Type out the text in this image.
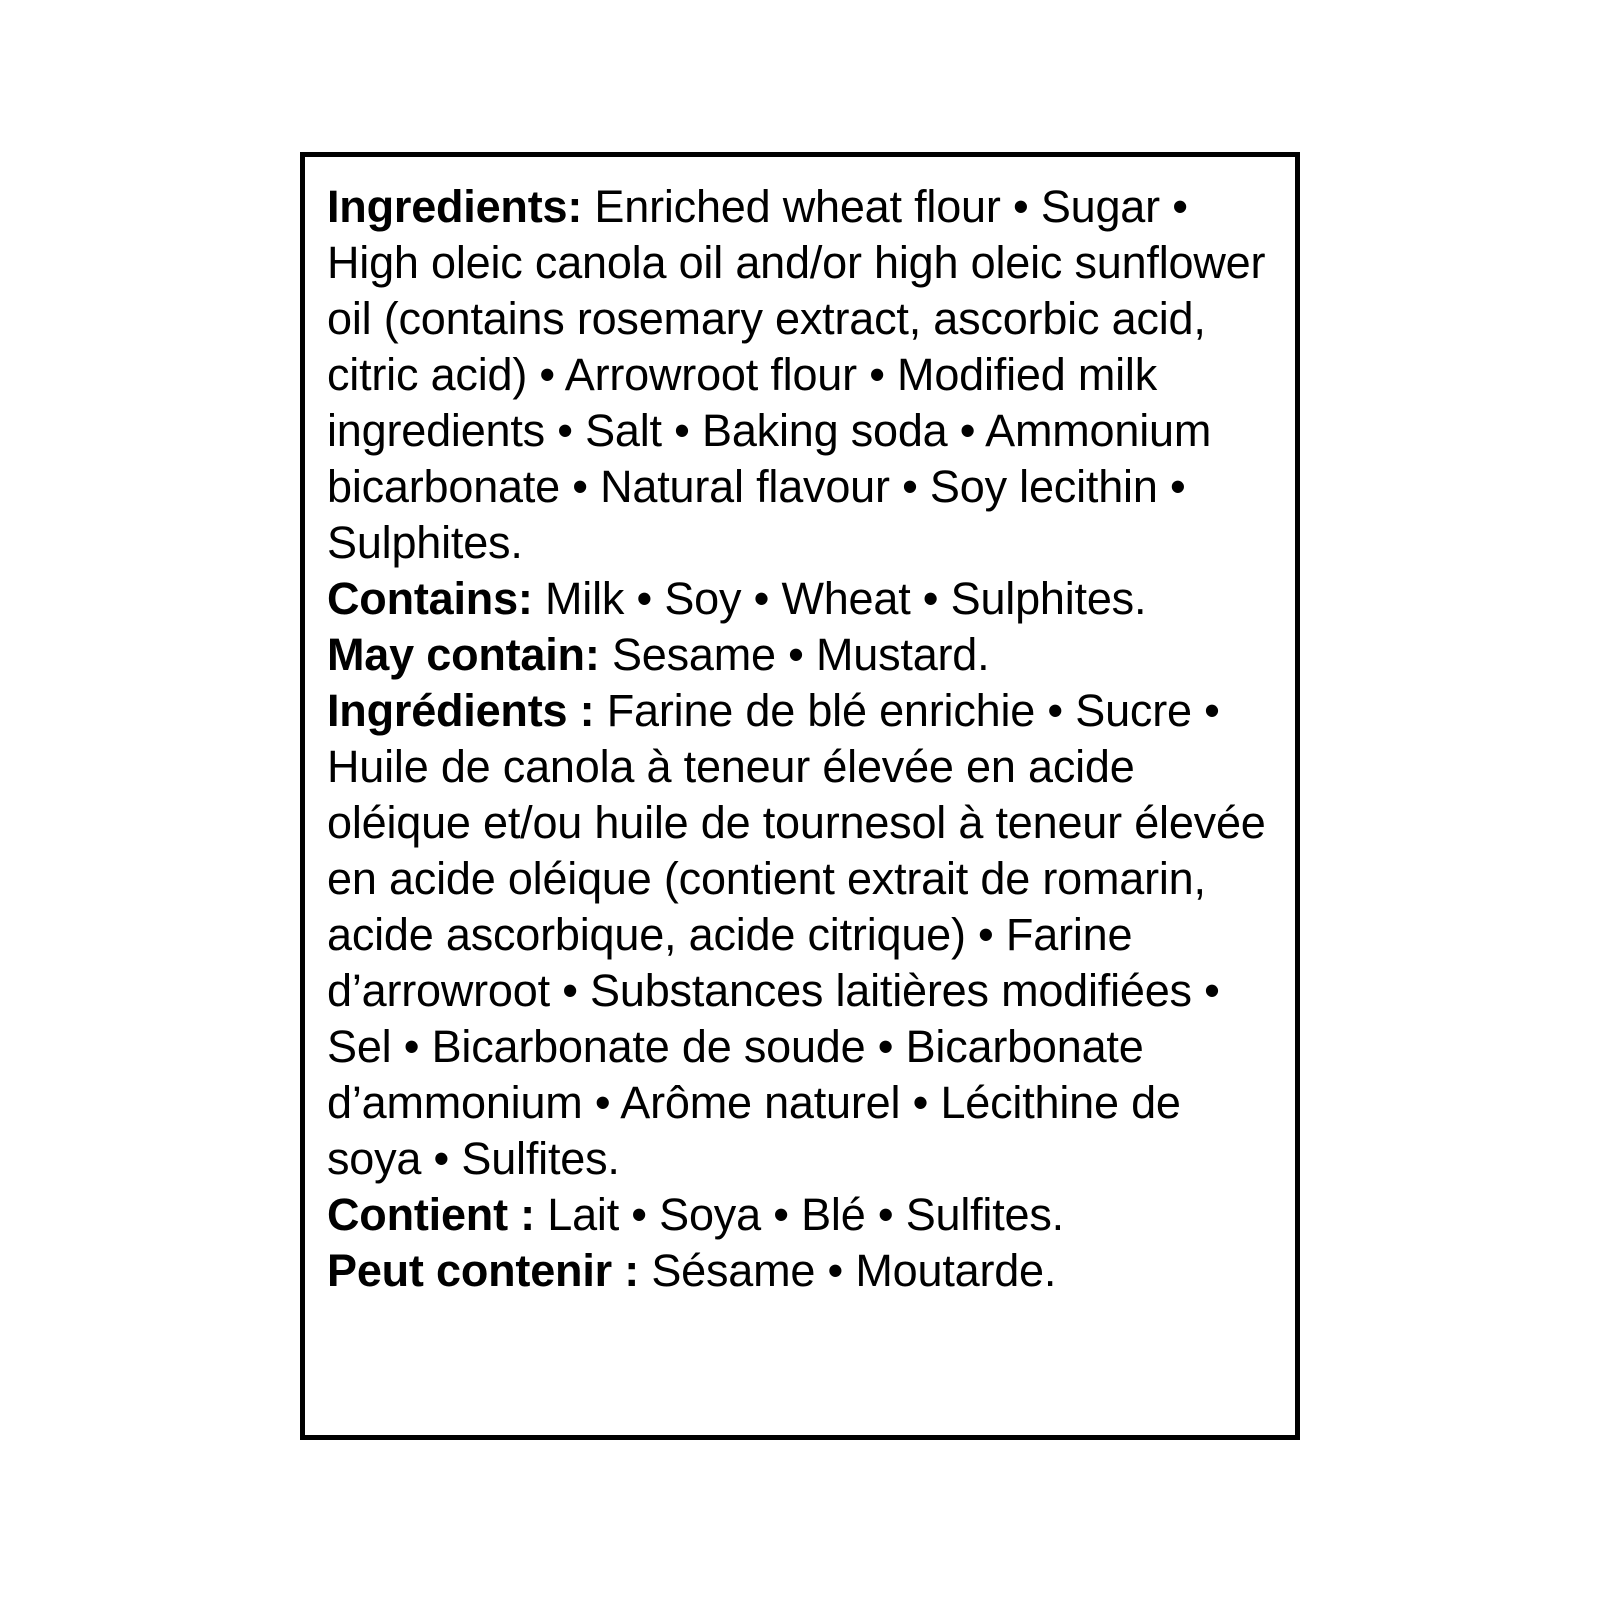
Ingredients: Enriched wheat flour • Sugar • High oleic canola oil and/or high oleic sunflower oil (contains rosemary extract, ascorbic acid, citric acid) • Arrowroot flour • Modified milk ingredients • Salt • Baking soda • Ammonium bicarbonate • Natural flavour • Soy lecithin • Sulphites.

Contains: Milk • Soy • Wheat • Sulphites.

May contain: Sesame • Mustard.

Ingrédients : Farine de blé enrichie • Sucre • Huile de canola à teneur élevée en acide oléique et/ou huile de tournesol à teneur élevée en acide oléique (contient extrait de romarin, acide ascorbique, acide citrique) • Farine d’arrowroot • Substances laitières modifiées • Sel • Bicarbonate de soude • Bicarbonate d’ammonium • Arôme naturel • Lécithine de soya • Sulfites.

Contient : Lait • Soya • Blé • Sulfites.

Peut contenir : Sésame • Moutarde.
